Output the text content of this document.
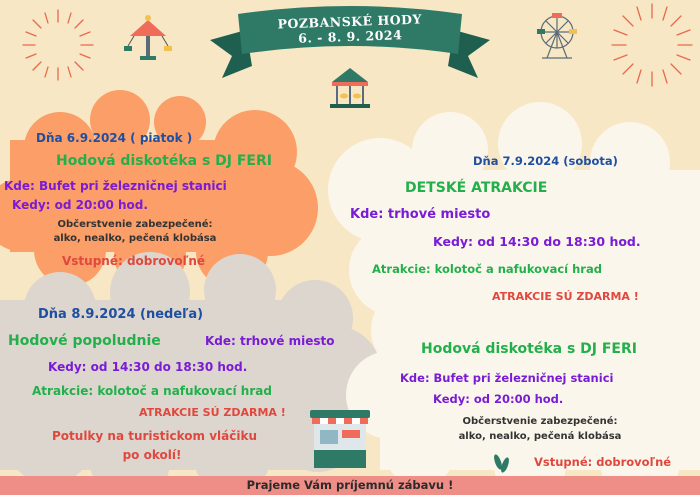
POZBANSKÉ HODY
6. - 8. 9. 2024
Dňa 6.9.2024 ( piatok )
Hodová diskotéka s DJ FERI
Kde: Bufet pri železničnej stanici
Kedy: od 20:00 hod.
Občerstvenie zabezpečené:
alko, nealko, pečená klobása
Vstupné: dobrovoľné
Dňa 8.9.2024 (nedeľa)
Hodové popoludnie	Kde: trhové miesto
Kedy: od 14:30 do 18:30 hod.
Atrakcie: kolotoč a nafukovací hrad
ATRAKCIE SÚ ZDARMA !
Potulky na turistickom vláčiku
po okolí!
Dňa 7.9.2024 (sobota)
DETSKÉ ATRAKCIE
Kde: trhové miesto
Kedy: od 14:30 do 18:30 hod.
Atrakcie: kolotoč a nafukovací hrad
ATRAKCIE SÚ ZDARMA !
Hodová diskotéka s DJ FERI
Kde: Bufet pri železničnej stanici
Kedy: od 20:00 hod.
Občerstvenie zabezpečené:
alko, nealko, pečená klobása
Vstupné: dobrovoľné
Prajeme Vám príjemnú zábavu !
